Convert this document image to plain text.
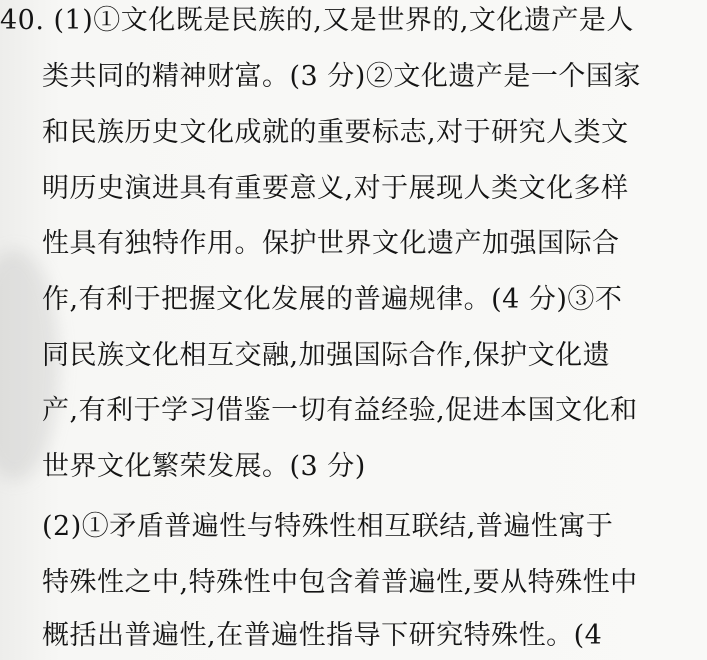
40. (1)①文化既是民族的,又是世界的,文化遗产是人
类共同的精神财富。(3 分)②文化遗产是一个国家
和民族历史文化成就的重要标志,对于研究人类文
明历史演进具有重要意义,对于展现人类文化多样
性具有独特作用。保护世界文化遗产加强国际合
作,有利于把握文化发展的普遍规律。(4 分)③不
同民族文化相互交融,加强国际合作,保护文化遗
产,有利于学习借鉴一切有益经验,促进本国文化和
世界文化繁荣发展。(3 分)
(2)①矛盾普遍性与特殊性相互联结,普遍性寓于
特殊性之中,特殊性中包含着普遍性,要从特殊性中
概括出普遍性,在普遍性指导下研究特殊性。(4
